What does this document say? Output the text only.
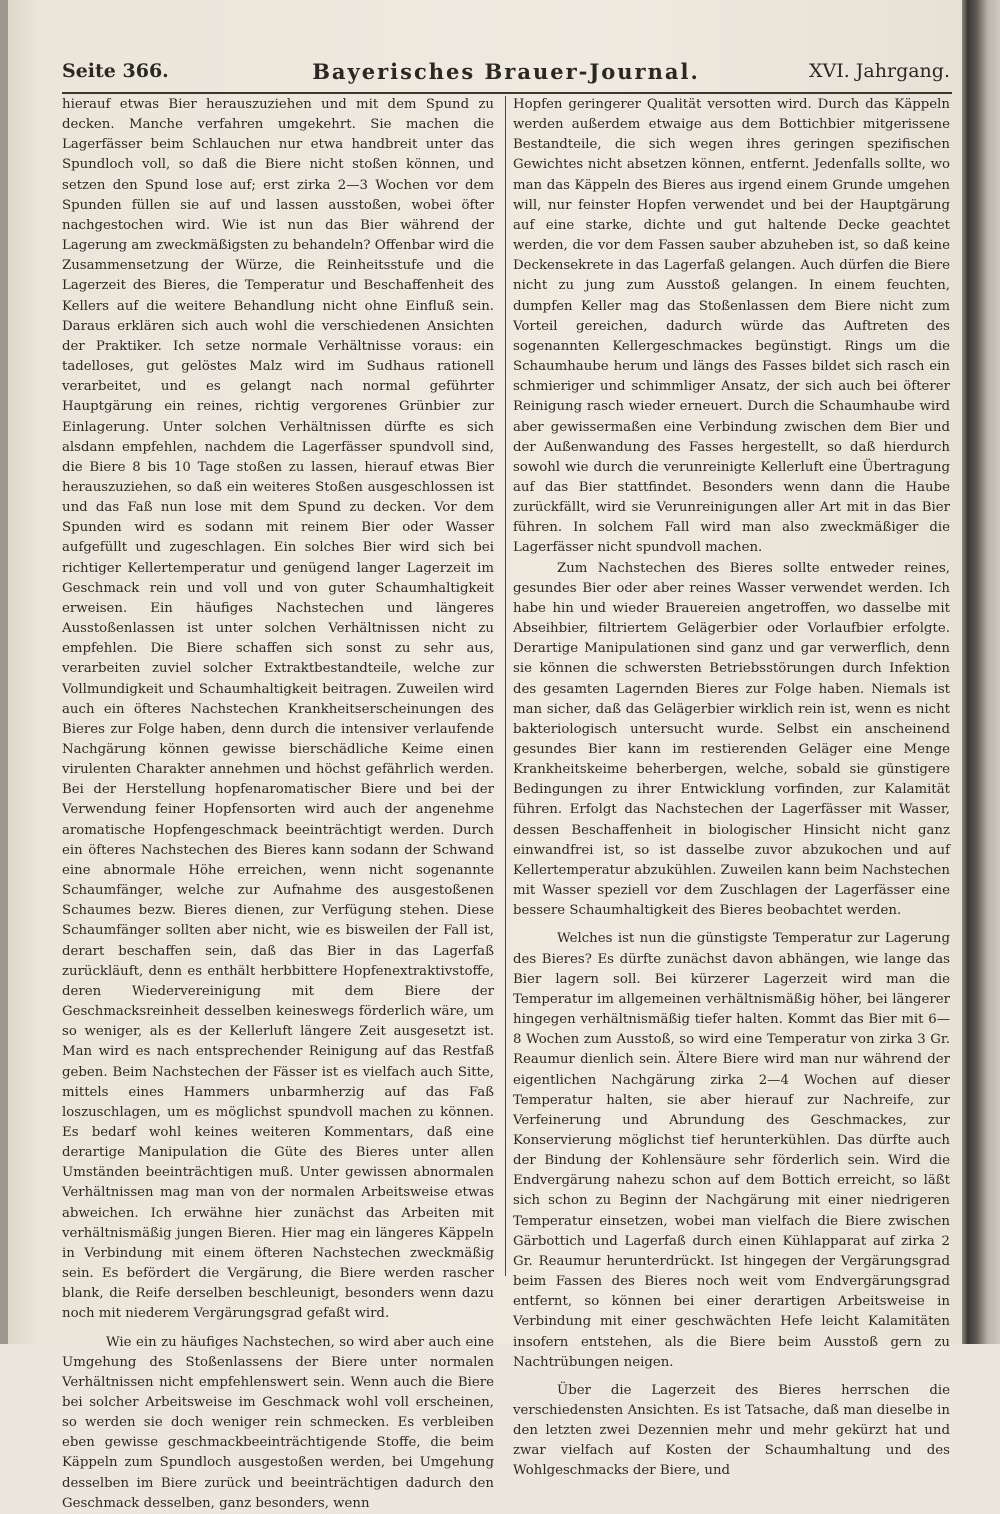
Seite 366.	Bayerisches Brauer-Journal.	XVI. Jahrgang.

hierauf etwas Bier herauszuziehen und mit dem Spund zu decken. Manche verfahren umgekehrt. Sie machen die Lagerfässer beim Schlauchen nur etwa handbreit unter das Spundloch voll, so daß die Biere nicht stoßen können, und setzen den Spund lose auf; erst zirka 2—3 Wochen vor dem Spunden füllen sie auf und lassen ausstoßen, wobei öfter nachgestochen wird. Wie ist nun das Bier während der Lagerung am zweckmäßigsten zu behandeln? Offenbar wird die Zusammensetzung der Würze, die Reinheitsstufe und die Lagerzeit des Bieres, die Temperatur und Beschaffenheit des Kellers auf die weitere Behandlung nicht ohne Einfluß sein. Daraus erklären sich auch wohl die verschiedenen Ansichten der Praktiker. Ich setze normale Verhältnisse voraus: ein tadelloses, gut gelöstes Malz wird im Sudhaus rationell verarbeitet, und es gelangt nach normal geführter Hauptgärung ein reines, richtig vergorenes Grünbier zur Einlagerung. Unter solchen Verhältnissen dürfte es sich alsdann empfehlen, nachdem die Lagerfässer spundvoll sind, die Biere 8 bis 10 Tage stoßen zu lassen, hierauf etwas Bier herauszuziehen, so daß ein weiteres Stoßen ausgeschlossen ist und das Faß nun lose mit dem Spund zu decken. Vor dem Spunden wird es sodann mit reinem Bier oder Wasser aufgefüllt und zugeschlagen. Ein solches Bier wird sich bei richtiger Kellertemperatur und genügend langer Lagerzeit im Geschmack rein und voll und von guter Schaumhaltigkeit erweisen. Ein häufiges Nachstechen und längeres Ausstoßenlassen ist unter solchen Verhältnissen nicht zu empfehlen. Die Biere schaffen sich sonst zu sehr aus, verarbeiten zuviel solcher Extraktbestandteile, welche zur Vollmundigkeit und Schaumhaltigkeit beitragen. Zuweilen wird auch ein öfteres Nachstechen Krankheitserscheinungen des Bieres zur Folge haben, denn durch die intensiver verlaufende Nachgärung können gewisse bierschädliche Keime einen virulenten Charakter annehmen und höchst gefährlich werden. Bei der Herstellung hopfenaromatischer Biere und bei der Verwendung feiner Hopfensorten wird auch der angenehme aromatische Hopfengeschmack beeinträchtigt werden. Durch ein öfteres Nachstechen des Bieres kann sodann der Schwand eine abnormale Höhe erreichen, wenn nicht sogenannte Schaumfänger, welche zur Aufnahme des ausgestoßenen Schaumes bezw. Bieres dienen, zur Verfügung stehen. Diese Schaumfänger sollten aber nicht, wie es bisweilen der Fall ist, derart beschaffen sein, daß das Bier in das Lagerfaß zurückläuft, denn es enthält herbbittere Hopfenextraktivstoffe, deren Wiedervereinigung mit dem Biere der Geschmacksreinheit desselben keineswegs förderlich wäre, um so weniger, als es der Kellerluft längere Zeit ausgesetzt ist. Man wird es nach entsprechender Reinigung auf das Restfaß geben. Beim Nachstechen der Fässer ist es vielfach auch Sitte, mittels eines Hammers unbarmherzig auf das Faß loszuschlagen, um es möglichst spundvoll machen zu können. Es bedarf wohl keines weiteren Kommentars, daß eine derartige Manipulation die Güte des Bieres unter allen Umständen beeinträchtigen muß. Unter gewissen abnormalen Verhältnissen mag man von der normalen Arbeitsweise etwas abweichen. Ich erwähne hier zunächst das Arbeiten mit verhältnismäßig jungen Bieren. Hier mag ein längeres Käppeln in Verbindung mit einem öfteren Nachstechen zweckmäßig sein. Es befördert die Vergärung, die Biere werden rascher blank, die Reife derselben beschleunigt, besonders wenn dazu noch mit niederem Vergärungsgrad gefaßt wird.

Wie ein zu häufiges Nachstechen, so wird aber auch eine Umgehung des Stoßenlassens der Biere unter normalen Verhältnissen nicht empfehlenswert sein. Wenn auch die Biere bei solcher Arbeitsweise im Geschmack wohl voll erscheinen, so werden sie doch weniger rein schmecken. Es verbleiben eben gewisse geschmackbeeinträchtigende Stoffe, die beim Käppeln zum Spundloch ausgestoßen werden, bei Umgehung desselben im Biere zurück und beeinträchtigen dadurch den Geschmack desselben, ganz besonders, wenn

Hopfen geringerer Qualität versotten wird. Durch das Käppeln werden außerdem etwaige aus dem Bottichbier mitgerissene Bestandteile, die sich wegen ihres geringen spezifischen Gewichtes nicht absetzen können, entfernt. Jedenfalls sollte, wo man das Käppeln des Bieres aus irgend einem Grunde umgehen will, nur feinster Hopfen verwendet und bei der Hauptgärung auf eine starke, dichte und gut haltende Decke geachtet werden, die vor dem Fassen sauber abzuheben ist, so daß keine Deckensekrete in das Lagerfaß gelangen. Auch dürfen die Biere nicht zu jung zum Ausstoß gelangen. In einem feuchten, dumpfen Keller mag das Stoßenlassen dem Biere nicht zum Vorteil gereichen, dadurch würde das Auftreten des sogenannten Kellergeschmackes begünstigt. Rings um die Schaumhaube herum und längs des Fasses bildet sich rasch ein schmieriger und schimmliger Ansatz, der sich auch bei öfterer Reinigung rasch wieder erneuert. Durch die Schaumhaube wird aber gewissermaßen eine Verbindung zwischen dem Bier und der Außenwandung des Fasses hergestellt, so daß hierdurch sowohl wie durch die verunreinigte Kellerluft eine Übertragung auf das Bier stattfindet. Besonders wenn dann die Haube zurückfällt, wird sie Verunreinigungen aller Art mit in das Bier führen. In solchem Fall wird man also zweckmäßiger die Lagerfässer nicht spundvoll machen.

Zum Nachstechen des Bieres sollte entweder reines, gesundes Bier oder aber reines Wasser verwendet werden. Ich habe hin und wieder Brauereien angetroffen, wo dasselbe mit Abseihbier, filtriertem Gelägerbier oder Vorlaufbier erfolgte. Derartige Manipulationen sind ganz und gar verwerflich, denn sie können die schwersten Betriebsstörungen durch Infektion des gesamten Lagernden Bieres zur Folge haben. Niemals ist man sicher, daß das Gelägerbier wirklich rein ist, wenn es nicht bakteriologisch untersucht wurde. Selbst ein anscheinend gesundes Bier kann im restierenden Geläger eine Menge Krankheitskeime beherbergen, welche, sobald sie günstigere Bedingungen zu ihrer Entwicklung vorfinden, zur Kalamität führen. Erfolgt das Nachstechen der Lagerfässer mit Wasser, dessen Beschaffenheit in biologischer Hinsicht nicht ganz einwandfrei ist, so ist dasselbe zuvor abzukochen und auf Kellertemperatur abzukühlen. Zuweilen kann beim Nachstechen mit Wasser speziell vor dem Zuschlagen der Lagerfässer eine bessere Schaumhaltigkeit des Bieres beobachtet werden.

Welches ist nun die günstigste Temperatur zur Lagerung des Bieres? Es dürfte zunächst davon abhängen, wie lange das Bier lagern soll. Bei kürzerer Lagerzeit wird man die Temperatur im allgemeinen verhältnismäßig höher, bei längerer hingegen verhältnismäßig tiefer halten. Kommt das Bier mit 6—8 Wochen zum Ausstoß, so wird eine Temperatur von zirka 3 Gr. Reaumur dienlich sein. Ältere Biere wird man nur während der eigentlichen Nachgärung zirka 2—4 Wochen auf dieser Temperatur halten, sie aber hierauf zur Nachreife, zur Verfeinerung und Abrundung des Geschmackes, zur Konservierung möglichst tief herunterkühlen. Das dürfte auch der Bindung der Kohlensäure sehr förderlich sein. Wird die Endvergärung nahezu schon auf dem Bottich erreicht, so läßt sich schon zu Beginn der Nachgärung mit einer niedrigeren Temperatur einsetzen, wobei man vielfach die Biere zwischen Gärbottich und Lagerfaß durch einen Kühlapparat auf zirka 2 Gr. Reaumur herunterdrückt. Ist hingegen der Vergärungsgrad beim Fassen des Bieres noch weit vom Endvergärungsgrad entfernt, so können bei einer derartigen Arbeitsweise in Verbindung mit einer geschwächten Hefe leicht Kalamitäten insofern entstehen, als die Biere beim Ausstoß gern zu Nachtrübungen neigen.

Über die Lagerzeit des Bieres herrschen die verschiedensten Ansichten. Es ist Tatsache, daß man dieselbe in den letzten zwei Dezennien mehr und mehr gekürzt hat und zwar vielfach auf Kosten der Schaumhaltung und des Wohlgeschmacks der Biere, und
